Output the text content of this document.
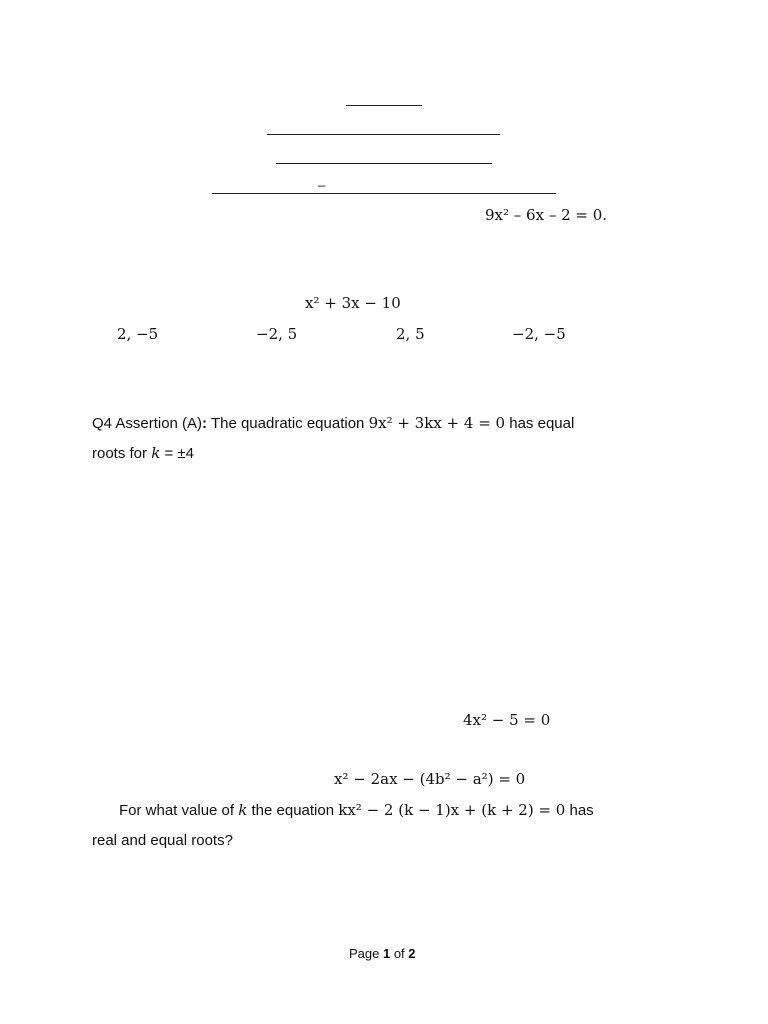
_
9x² – 6x – 2 = 0.
x² + 3x − 10
2, −5	−2, 5	2, 5	−2, −5
Q4 Assertion (A): The quadratic equation 9x² + 3kx + 4 = 0 has equal
roots for k = ±4
4x² − 5 = 0
x² − 2ax − (4b² − a²) = 0
For what value of k the equation kx² − 2 (k − 1)x + (k + 2) = 0 has
real and equal roots?
Page 1 of 2
